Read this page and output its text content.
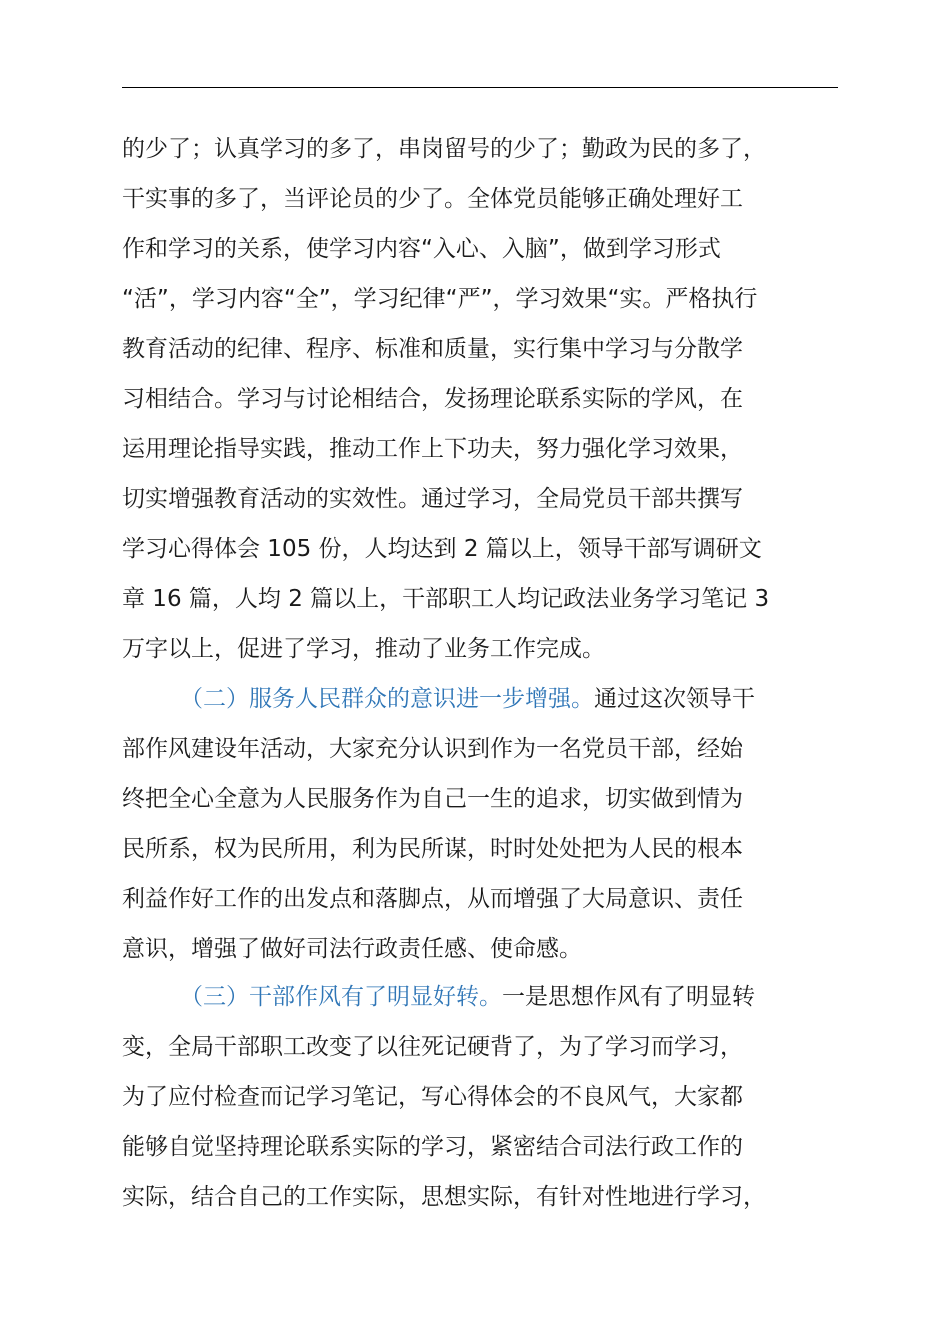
的少了；认真学习的多了，串岗留号的少了；勤政为民的多了，
干实事的多了，当评论员的少了。全体党员能够正确处理好工
作和学习的关系，使学习内容“入心、入脑”，做到学习形式
“活”，学习内容“全”，学习纪律“严”，学习效果“实。严格执行
教育活动的纪律、程序、标准和质量，实行集中学习与分散学
习相结合。学习与讨论相结合，发扬理论联系实际的学风，在
运用理论指导实践，推动工作上下功夫，努力强化学习效果，
切实增强教育活动的实效性。通过学习，全局党员干部共撰写
学习心得体会 105 份，人均达到 2 篇以上，领导干部写调研文
章 16 篇，人均 2 篇以上，干部职工人均记政法业务学习笔记 3
万字以上，促进了学习，推动了业务工作完成。
（二）服务人民群众的意识进一步增强。通过这次领导干
部作风建设年活动，大家充分认识到作为一名党员干部，经始
终把全心全意为人民服务作为自己一生的追求，切实做到情为
民所系，权为民所用，利为民所谋，时时处处把为人民的根本
利益作好工作的出发点和落脚点，从而增强了大局意识、责任
意识，增强了做好司法行政责任感、使命感。
（三）干部作风有了明显好转。一是思想作风有了明显转
变，全局干部职工改变了以往死记硬背了，为了学习而学习，
为了应付检查而记学习笔记，写心得体会的不良风气，大家都
能够自觉坚持理论联系实际的学习，紧密结合司法行政工作的
实际，结合自己的工作实际，思想实际，有针对性地进行学习，
